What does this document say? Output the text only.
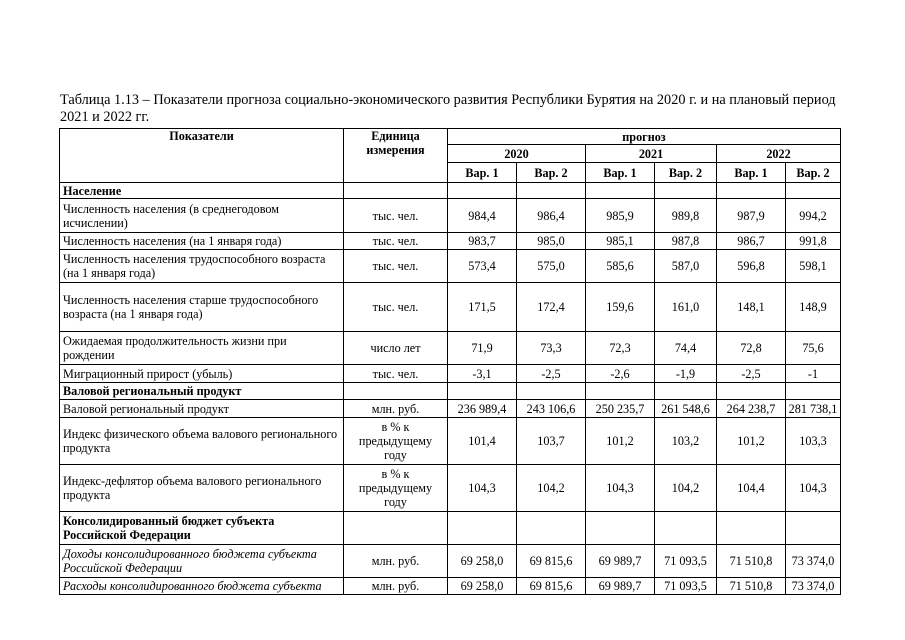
Таблица 1.13 – Показатели прогноза социально-экономического развития Республики Бурятия на 2020 г. и на плановый период 2021 и 2022 гг.
Показатели	Единица измерения	прогноз					
		2020		2021		2022	
		Вар. 1	Вар. 2	Вар. 1	Вар. 2	Вар. 1	Вар. 2
Население							
Численность населения (в среднегодовом исчислении)	тыс. чел.	984,4	986,4	985,9	989,8	987,9	994,2
Численность населения (на 1 января года)	тыс. чел.	983,7	985,0	985,1	987,8	986,7	991,8
Численность населения трудоспособного возраста (на 1 января года)	тыс. чел.	573,4	575,0	585,6	587,0	596,8	598,1
Численность населения старше трудоспособного возраста (на 1 января года)	тыс. чел.	171,5	172,4	159,6	161,0	148,1	148,9
Ожидаемая продолжительность жизни при рождении	число лет	71,9	73,3	72,3	74,4	72,8	75,6
Миграционный прирост (убыль)	тыс. чел.	-3,1	-2,5	-2,6	-1,9	-2,5	-1
Валовой региональный продукт							
Валовой региональный продукт	млн. руб.	236 989,4	243 106,6	250 235,7	261 548,6	264 238,7	281 738,1
Индекс физического объема валового регионального продукта	в % к предыдущему году	101,4	103,7	101,2	103,2	101,2	103,3
Индекс-дефлятор объема валового регионального продукта	в % к предыдущему году	104,3	104,2	104,3	104,2	104,4	104,3
Консолидированный бюджет субъекта Российской Федерации							
Доходы консолидированного бюджета субъекта Российской Федерации	млн. руб.	69 258,0	69 815,6	69 989,7	71 093,5	71 510,8	73 374,0
Расходы консолидированного бюджета субъекта	млн. руб.	69 258,0	69 815,6	69 989,7	71 093,5	71 510,8	73 374,0
